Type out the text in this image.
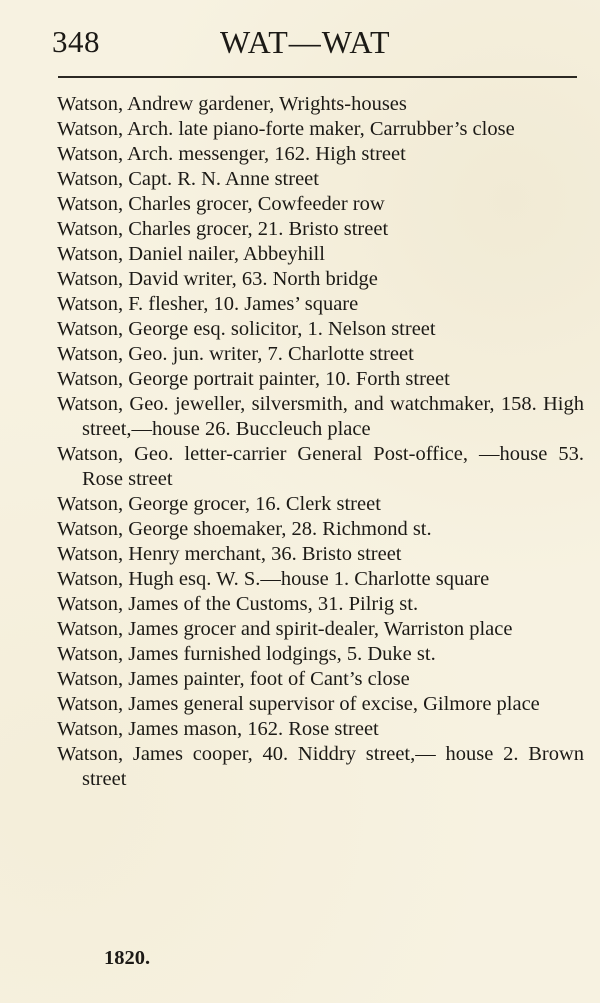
348	WAT—WAT

Watson, Andrew gardener, Wrights-houses

Watson, Arch. late piano-forte maker, Carrubber’s close

Watson, Arch. messenger, 162. High street

Watson, Capt. R. N. Anne street

Watson, Charles grocer, Cowfeeder row

Watson, Charles grocer, 21. Bristo street

Watson, Daniel nailer, Abbeyhill

Watson, David writer, 63. North bridge

Watson, F. flesher, 10. James’ square

Watson, George esq. solicitor, 1. Nelson street

Watson, Geo. jun. writer, 7. Charlotte street

Watson, George portrait painter, 10. Forth street

Watson, Geo. jeweller, silversmith, and watchmaker, 158. High street,—house 26. Buccleuch place

Watson, Geo. letter-carrier General Post-office, —house 53. Rose street

Watson, George grocer, 16. Clerk street

Watson, George shoemaker, 28. Richmond st.

Watson, Henry merchant, 36. Bristo street

Watson, Hugh esq. W. S.—house 1. Charlotte square

Watson, James of the Customs, 31. Pilrig st.

Watson, James grocer and spirit-dealer, Warriston place

Watson, James furnished lodgings, 5. Duke st.

Watson, James painter, foot of Cant’s close

Watson, James general supervisor of excise, Gilmore place

Watson, James mason, 162. Rose street

Watson, James cooper, 40. Niddry street,— house 2. Brown street

1820.
